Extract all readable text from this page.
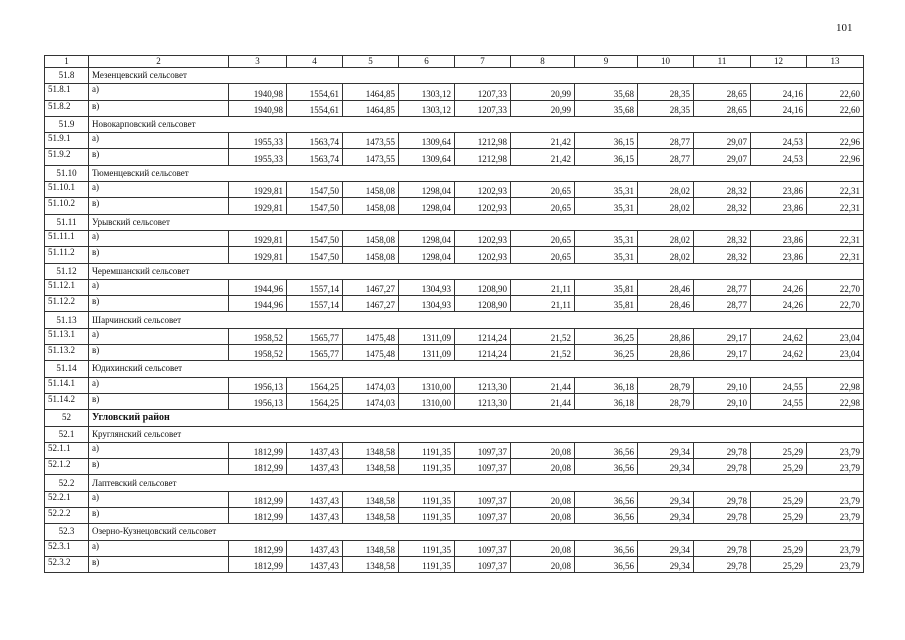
101
1	2	3	4	5	6	7	8	9	10	11	12	13
51.8	Мезенцевский сельсовет											
51.8.1	а)	1940,98	1554,61	1464,85	1303,12	1207,33	20,99	35,68	28,35	28,65	24,16	22,60
51.8.2	в)	1940,98	1554,61	1464,85	1303,12	1207,33	20,99	35,68	28,35	28,65	24,16	22,60
51.9	Новокарповский сельсовет											
51.9.1	а)	1955,33	1563,74	1473,55	1309,64	1212,98	21,42	36,15	28,77	29,07	24,53	22,96
51.9.2	в)	1955,33	1563,74	1473,55	1309,64	1212,98	21,42	36,15	28,77	29,07	24,53	22,96
51.10	Тюменцевский сельсовет											
51.10.1	а)	1929,81	1547,50	1458,08	1298,04	1202,93	20,65	35,31	28,02	28,32	23,86	22,31
51.10.2	в)	1929,81	1547,50	1458,08	1298,04	1202,93	20,65	35,31	28,02	28,32	23,86	22,31
51.11	Урывский сельсовет											
51.11.1	а)	1929,81	1547,50	1458,08	1298,04	1202,93	20,65	35,31	28,02	28,32	23,86	22,31
51.11.2	в)	1929,81	1547,50	1458,08	1298,04	1202,93	20,65	35,31	28,02	28,32	23,86	22,31
51.12	Черемшанский сельсовет											
51.12.1	а)	1944,96	1557,14	1467,27	1304,93	1208,90	21,11	35,81	28,46	28,77	24,26	22,70
51.12.2	в)	1944,96	1557,14	1467,27	1304,93	1208,90	21,11	35,81	28,46	28,77	24,26	22,70
51.13	Шарчинский сельсовет											
51.13.1	а)	1958,52	1565,77	1475,48	1311,09	1214,24	21,52	36,25	28,86	29,17	24,62	23,04
51.13.2	в)	1958,52	1565,77	1475,48	1311,09	1214,24	21,52	36,25	28,86	29,17	24,62	23,04
51.14	Юдихинский сельсовет											
51.14.1	а)	1956,13	1564,25	1474,03	1310,00	1213,30	21,44	36,18	28,79	29,10	24,55	22,98
51.14.2	в)	1956,13	1564,25	1474,03	1310,00	1213,30	21,44	36,18	28,79	29,10	24,55	22,98
52	Угловский район											
52.1	Круглянский сельсовет											
52.1.1	а)	1812,99	1437,43	1348,58	1191,35	1097,37	20,08	36,56	29,34	29,78	25,29	23,79
52.1.2	в)	1812,99	1437,43	1348,58	1191,35	1097,37	20,08	36,56	29,34	29,78	25,29	23,79
52.2	Лаптевский сельсовет											
52.2.1	а)	1812,99	1437,43	1348,58	1191,35	1097,37	20,08	36,56	29,34	29,78	25,29	23,79
52.2.2	в)	1812,99	1437,43	1348,58	1191,35	1097,37	20,08	36,56	29,34	29,78	25,29	23,79
52.3	Озерно-Кузнецовский сельсовет											
52.3.1	а)	1812,99	1437,43	1348,58	1191,35	1097,37	20,08	36,56	29,34	29,78	25,29	23,79
52.3.2	в)	1812,99	1437,43	1348,58	1191,35	1097,37	20,08	36,56	29,34	29,78	25,29	23,79
